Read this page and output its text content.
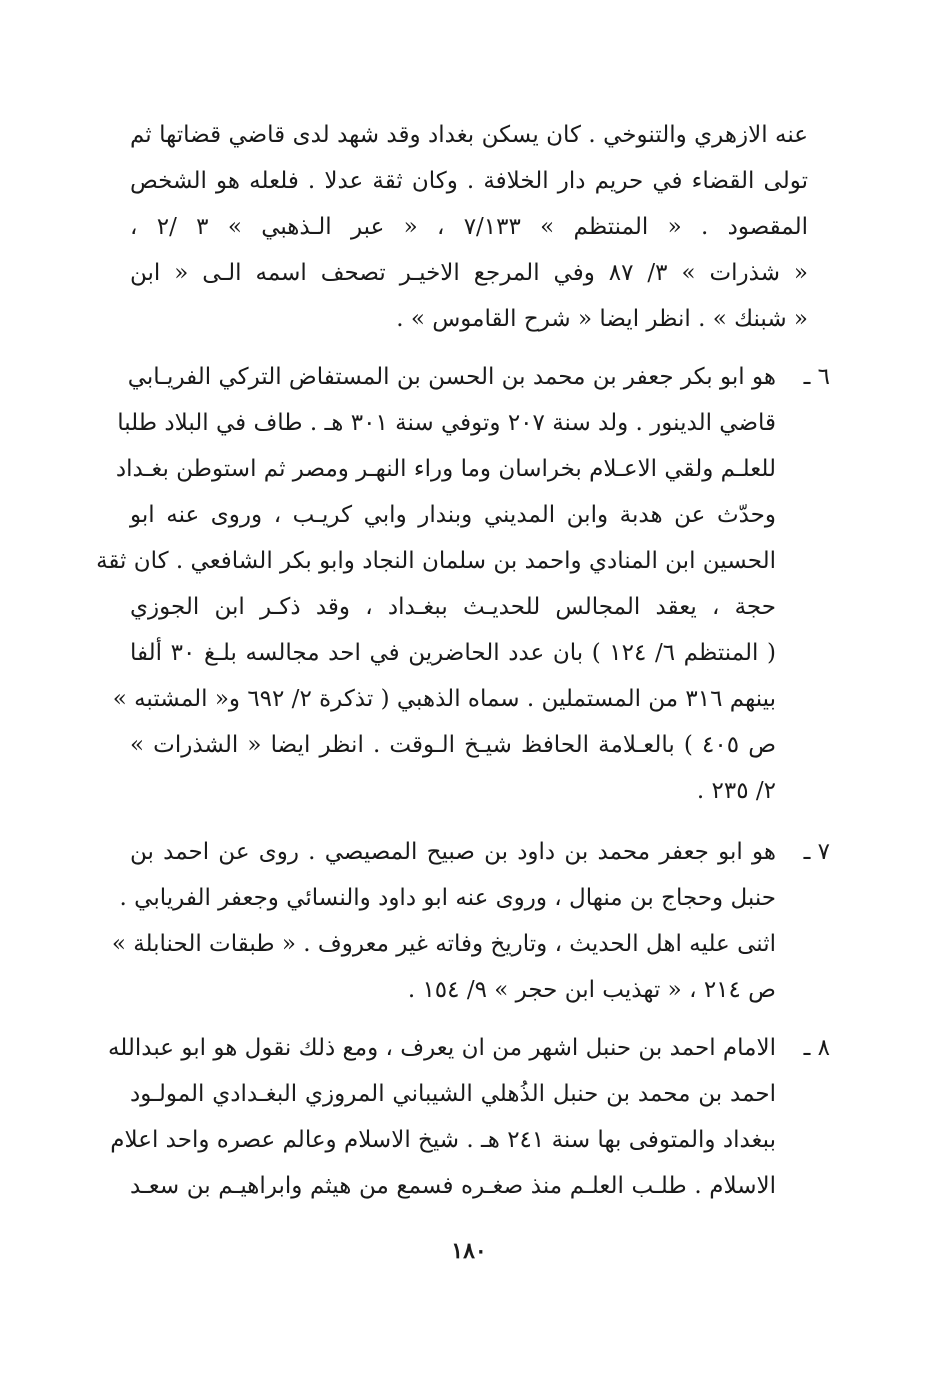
عنه الازهري والتنوخي . كان يسكن بغداد وقد شهد لدى قاضي قضاتها ثم
تولى القضاء في حريم دار الخلافة . وكان ثقة عدلا . فلعله هو الشخص
المقصود . « المنتظم » ٧/١٣٣ ، « عبر الـذهبي » ٣ /٢ ،
« شذرات » ٣/ ٨٧ وفي المرجع الاخيـر تصحف اسمه الـى « ابن
« شبنك » . انظر ايضا « شرح القاموس » .
٦ ـ
هو ابو بكر جعفر بن محمد بن الحسن بن المستفاض التركي الفريـابي
قاضي الدينور . ولد سنة ٢٠٧ وتوفي سنة ٣٠١ هـ . طاف في البلاد طلبا
للعلـم ولقي الاعـلام بخراسان وما وراء النهـر ومصر ثم استوطن بغـداد
وحدّث عن هدبة وابن المديني وبندار وابي كريـب ، وروى عنه ابو
الحسين ابن المنادي واحمد بن سلمان النجاد وابو بكر الشافعي . كان ثقة
حجة ، يعقد المجالس للحديـث ببغـداد ، وقد ذكـر ابن الجوزي
( المنتظم ٦/ ١٢٤ ) بان عدد الحاضرين في احد مجالسه بلـغ ٣٠ ألفا
بينهم ٣١٦ من المستملين . سماه الذهبي ( تذكرة ٢/ ٦٩٢ و« المشتبه »
ص ٤٠٥ ) بالعـلامة الحافظ شيـخ الـوقت . انظر ايضا « الشذرات »
٢/ ٢٣٥ .
٧ ـ
هو ابو جعفر محمد بن داود بن صبيح المصيصي . روى عن احمد بن
حنبل وحجاج بن منهال ، وروى عنه ابو داود والنسائي وجعفر الفريابي .
اثنى عليه اهل الحديث ، وتاريخ وفاته غير معروف . « طبقات الحنابلة »
ص ٢١٤ ، « تهذيب ابن حجر » ٩/ ١٥٤ .
٨ ـ
الامام احمد بن حنبل اشهر من ان يعرف ، ومع ذلك نقول هو ابو عبدالله
احمد بن محمد بن حنبل الذُهلي الشيباني المروزي البغـدادي المولـود
ببغداد والمتوفى بها سنة ٢٤١ هـ . شيخ الاسلام وعالم عصره واحد اعلام
الاسلام . طلـب العلـم منذ صغـره فسمع من هيثم وابراهيـم بن سعـد
١٨٠
